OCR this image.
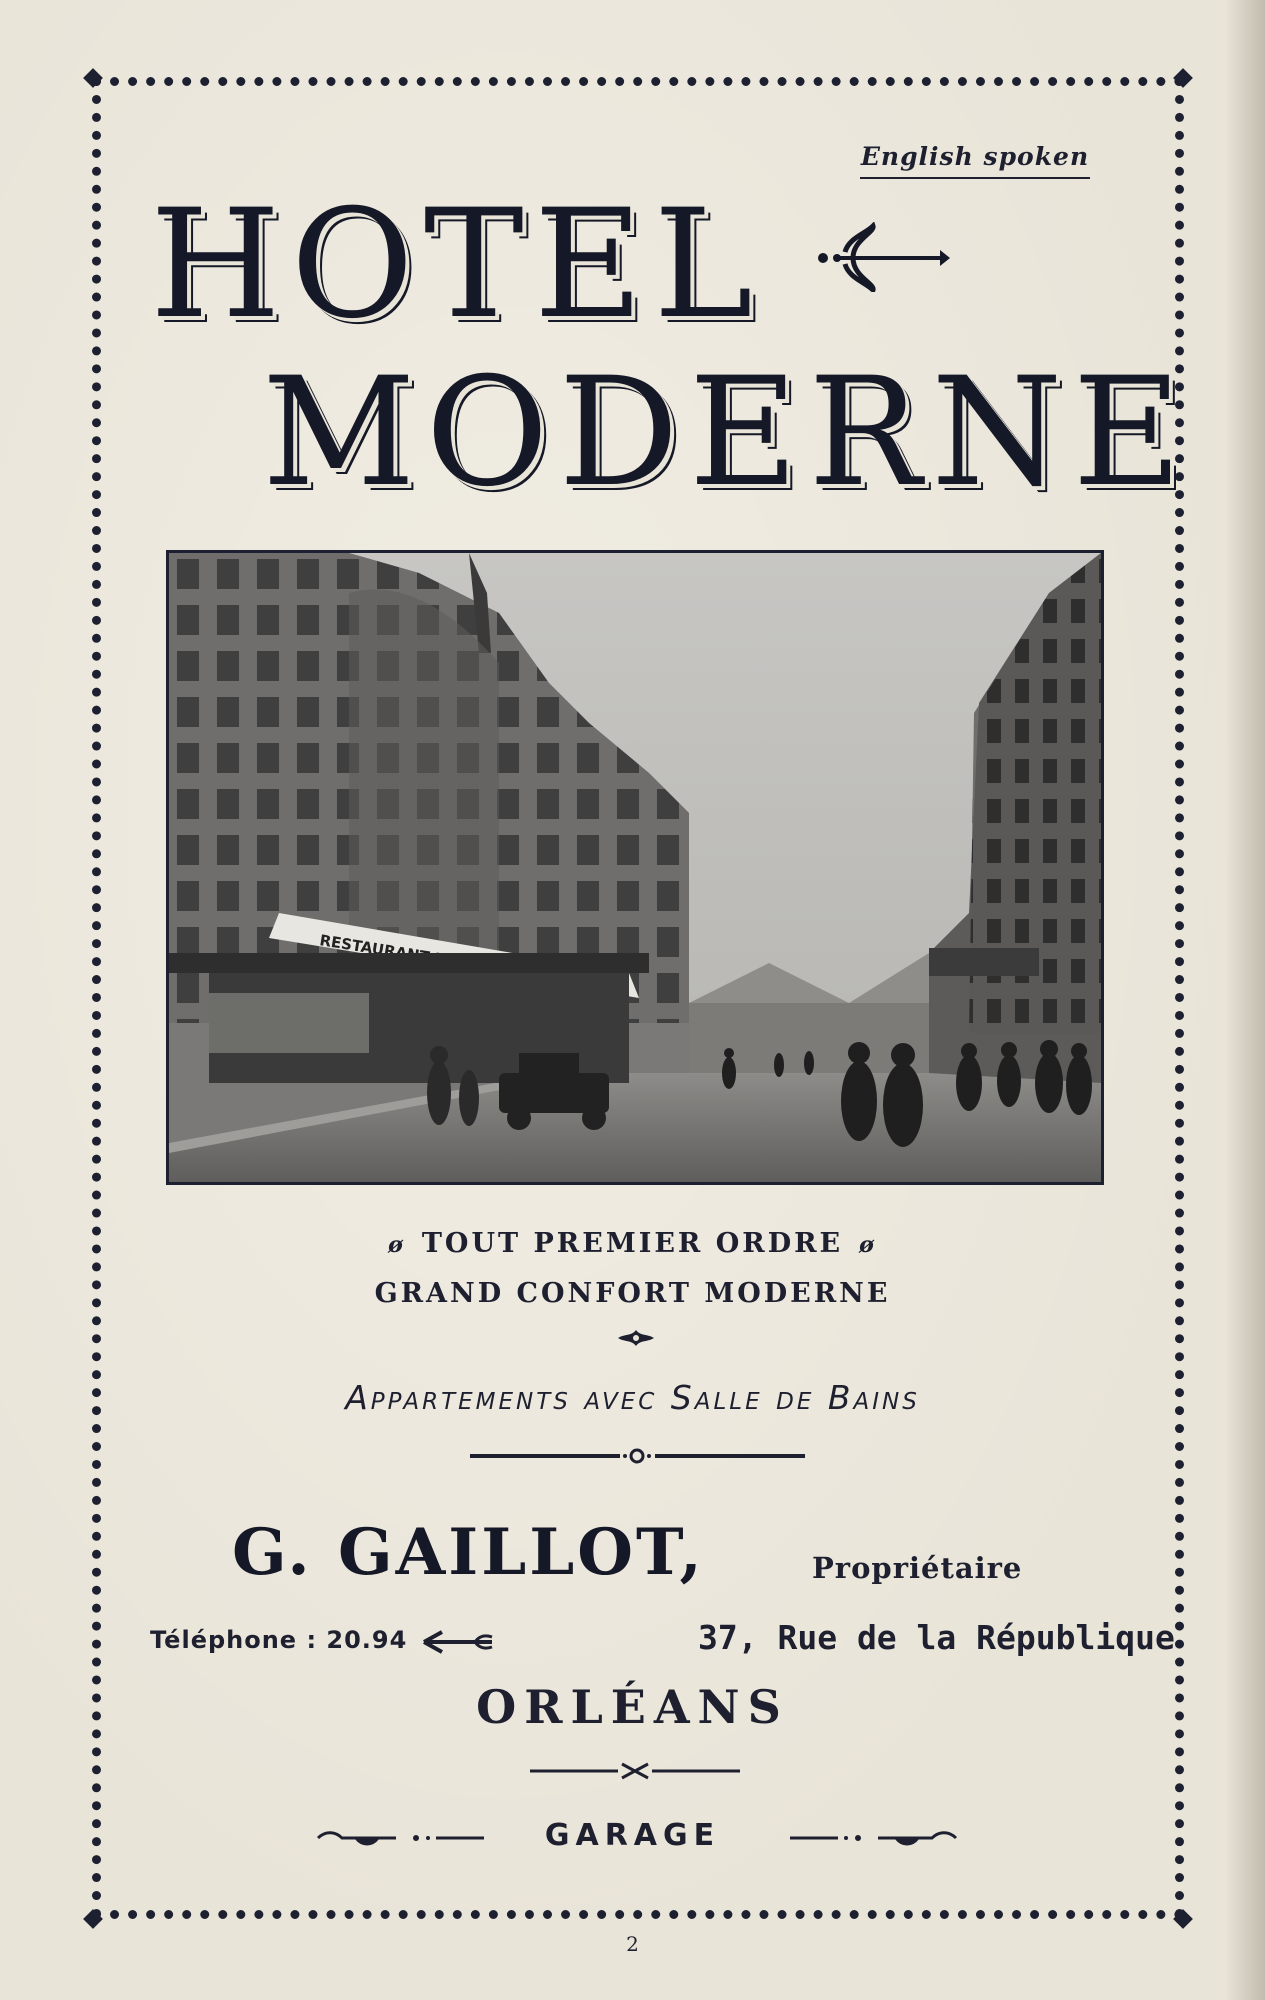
English spoken
HOTEL
MODERNE
ø TOUT PREMIER ORDRE ø
GRAND CONFORT MODERNE
Appartements avec Salle de Bains
G. GAILLOT,	Propriétaire
Téléphone : 20.94	37, Rue de la République
ORLÉANS
GARAGE
2
